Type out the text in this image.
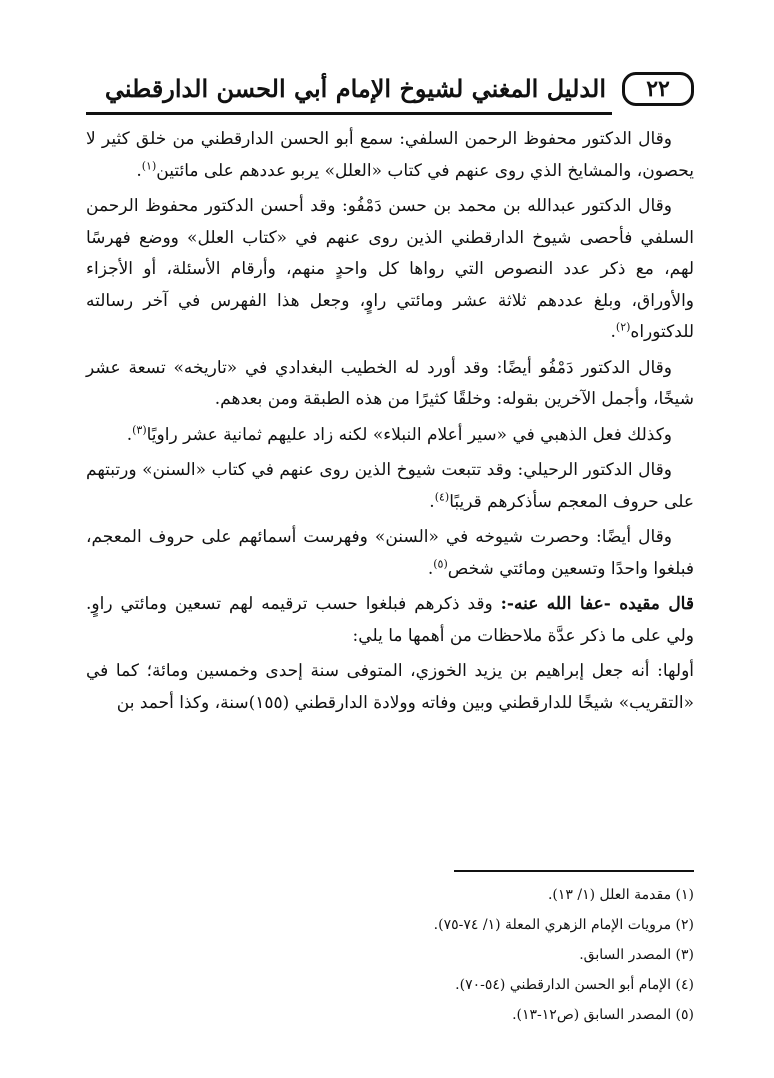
٢٢
الدليل المغني لشيوخ الإمام أبي الحسن الدارقطني

وقال الدكتور محفوظ الرحمن السلفي: سمع أبو الحسن الدارقطني من خلق كثير لا يحصون، والمشايخ الذي روى عنهم في كتاب «العلل» يربو عددهم على مائتين$^{(١)}$.

وقال الدكتور عبدالله بن محمد بن حسن دَمْفُو: وقد أحسن الدكتور محفوظ الرحمن السلفي فأحصى شيوخ الدارقطني الذين روى عنهم في «كتاب العلل» ووضع فهرسًا لهم، مع ذكر عدد النصوص التي رواها كل واحدٍ منهم، وأرقام الأسئلة، أو الأجزاء والأوراق، وبلغ عددهم ثلاثة عشر ومائتي راوٍ، وجعل هذا الفهرس في آخر رسالته للدكتوراه$^{(٢)}$.

وقال الدكتور دَمْفُو أيضًا: وقد أورد له الخطيب البغدادي في «تاريخه» تسعة عشر شيخًا، وأجمل الآخرين بقوله: وخلقًا كثيرًا من هذه الطبقة ومن بعدهم.

وكذلك فعل الذهبي في «سير أعلام النبلاء» لكنه زاد عليهم ثمانية عشر راويًا$^{(٣)}$.

وقال الدكتور الرحيلي: وقد تتبعت شيوخ الذين روى عنهم في كتاب «السنن» ورتبتهم على حروف المعجم سأذكرهم قريبًا$^{(٤)}$.

وقال أيضًا: وحصرت شيوخه في «السنن» وفهرست أسمائهم على حروف المعجم، فبلغوا واحدًا وتسعين ومائتي شخص$^{(٥)}$.

قال مقيده -عفا الله عنه-: وقد ذكرهم فبلغوا حسب ترقيمه لهم تسعين ومائتي راوٍ. ولي على ما ذكر عدَّة ملاحظات من أهمها ما يلي:

أولها: أنه جعل إبراهيم بن يزيد الخوزي، المتوفى سنة إحدى وخمسين ومائة؛ كما في «التقريب» شيخًا للدارقطني وبين وفاته وولادة الدارقطني (١٥٥)سنة، وكذا أحمد بن

(١) مقدمة العلل (١/ ١٣).
(٢) مرويات الإمام الزهري المعلة (١/ ٧٤-٧٥).
(٣) المصدر السابق.
(٤) الإمام أبو الحسن الدارقطني (٥٤-٧٠).
(٥) المصدر السابق (ص١٢-١٣).
